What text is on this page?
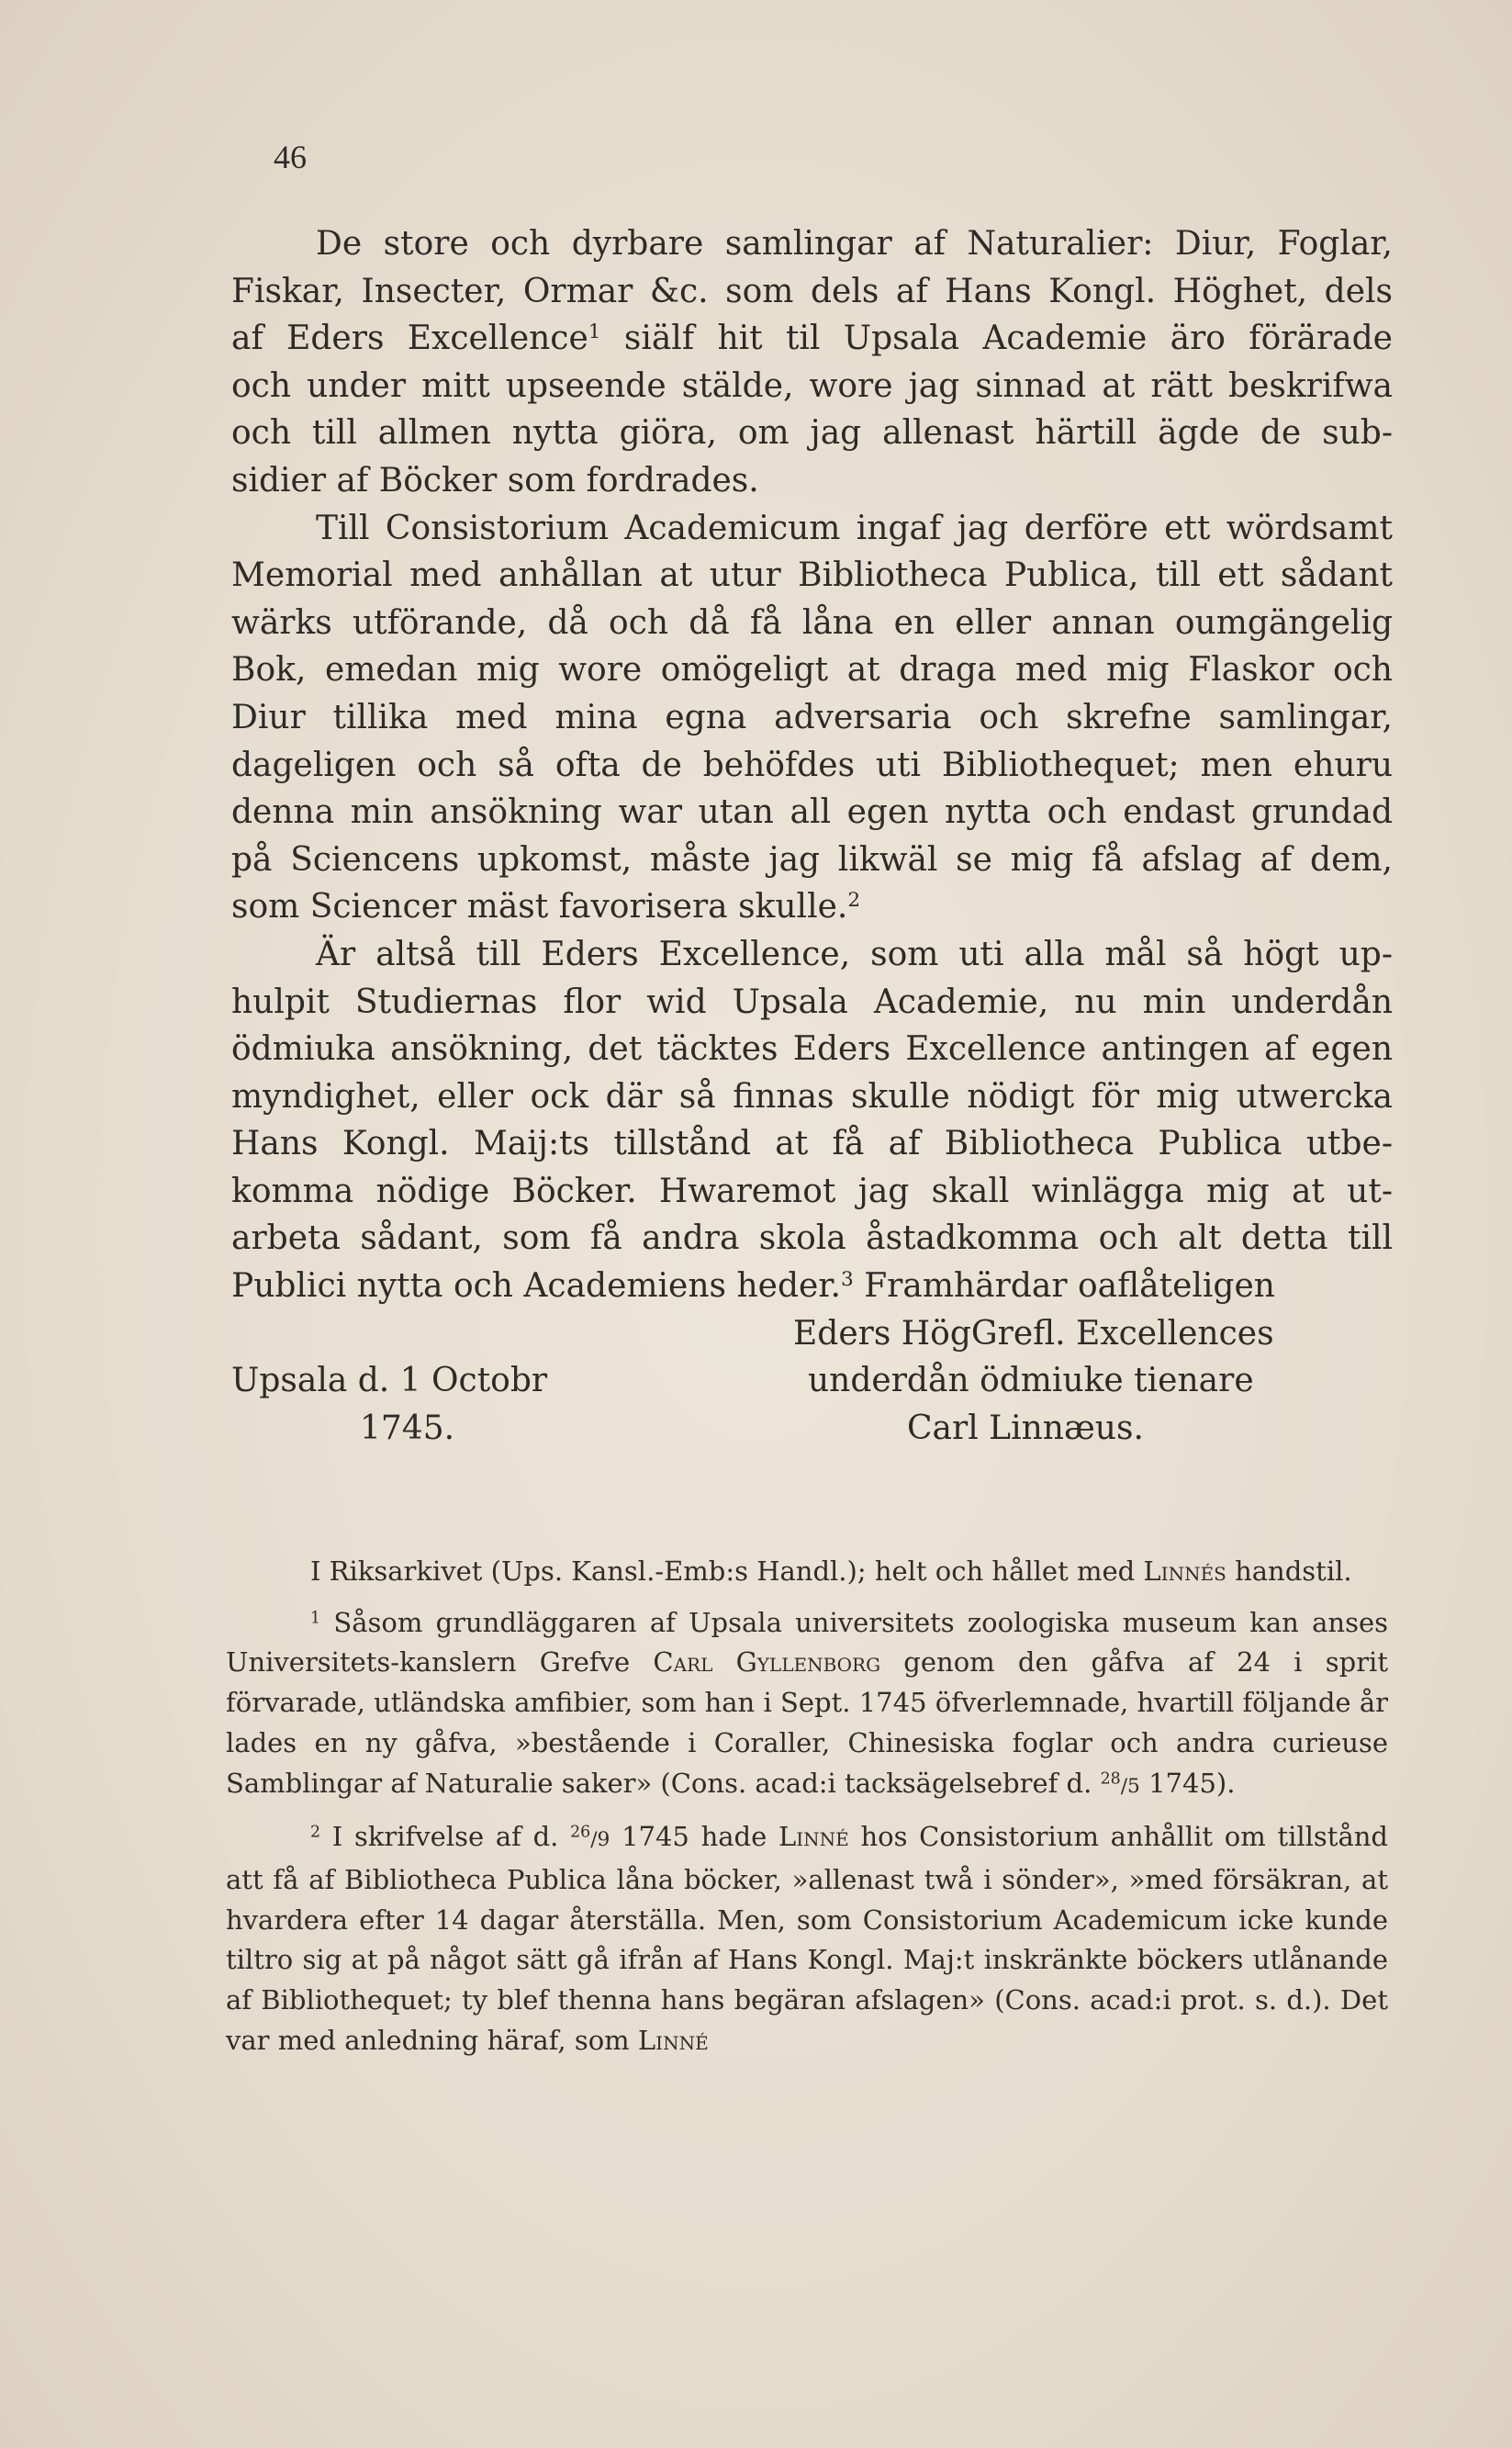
46
De store och dyrbare samlingar af Naturalier: Diur, Foglar,
Fiskar, Insecter, Ormar &c. som dels af Hans Kongl. Höghet, dels
af Eders Excellence$^1$ siälf hit til Upsala Academie äro förärade
och under mitt upseende stälde, wore jag sinnad at rätt beskrifwa
och till allmen nytta giöra, om jag allenast härtill ägde de sub-
sidier af Böcker som fordrades.
Till Consistorium Academicum ingaf jag derföre ett wördsamt
Memorial med anhållan at utur Bibliotheca Publica, till ett sådant
wärks utförande, då och då få låna en eller annan oumgängelig
Bok, emedan mig wore omögeligt at draga med mig Flaskor och
Diur tillika med mina egna adversaria och skrefne samlingar,
dageligen och så ofta de behöfdes uti Bibliothequet; men ehuru
denna min ansökning war utan all egen nytta och endast grundad
på Sciencens upkomst, måste jag likwäl se mig få afslag af dem,
som Sciencer mäst favorisera skulle.$^2$
Är altså till Eders Excellence, som uti alla mål så högt up-
hulpit Studiernas flor wid Upsala Academie, nu min underdån
ödmiuka ansökning, det täcktes Eders Excellence antingen af egen
myndighet, eller ock där så finnas skulle nödigt för mig utwercka
Hans Kongl. Maij:ts tillstånd at få af Bibliotheca Publica utbe-
komma nödige Böcker. Hwaremot jag skall winlägga mig at ut-
arbeta sådant, som få andra skola åstadkomma och alt detta till
Publici nytta och Academiens heder.$^3$ Framhärdar oaflåteligen
Eders HögGrefl. Excellences
Upsala d. 1 Octobr	underdån ödmiuke tienare
1745.	Carl Linnæus.
I Riksarkivet (Ups. Kansl.-Emb:s Handl.); helt och hållet med Linnés handstil.
$^1$ Såsom grundläggaren af Upsala universitets zoologiska museum kan anses Universitets-kanslern Grefve Carl Gyllenborg genom den gåfva af 24 i sprit förvarade, utländska amfibier, som han i Sept. 1745 öfverlemnade, hvartill följande år lades en ny gåfva, »bestående i Coraller, Chinesiska foglar och andra curieuse Samblingar af Naturalie saker» (Cons. acad:i tacksägelsebref d. $^{28}$/5 1745).
$^2$ I skrifvelse af d. $^{26}$/9 1745 hade Linné hos Consistorium anhållit om tillstånd att få af Bibliotheca Publica låna böcker, »allenast twå i sönder», »med försäkran, at hvardera efter 14 dagar återställa. Men, som Consistorium Academicum icke kunde tiltro sig at på något sätt gå ifrån af Hans Kongl. Maj:t inskränkte böckers utlånande af Bibliothequet; ty blef thenna hans begäran afslagen» (Cons. acad:i prot. s. d.). Det var med anledning häraf, som Linné
